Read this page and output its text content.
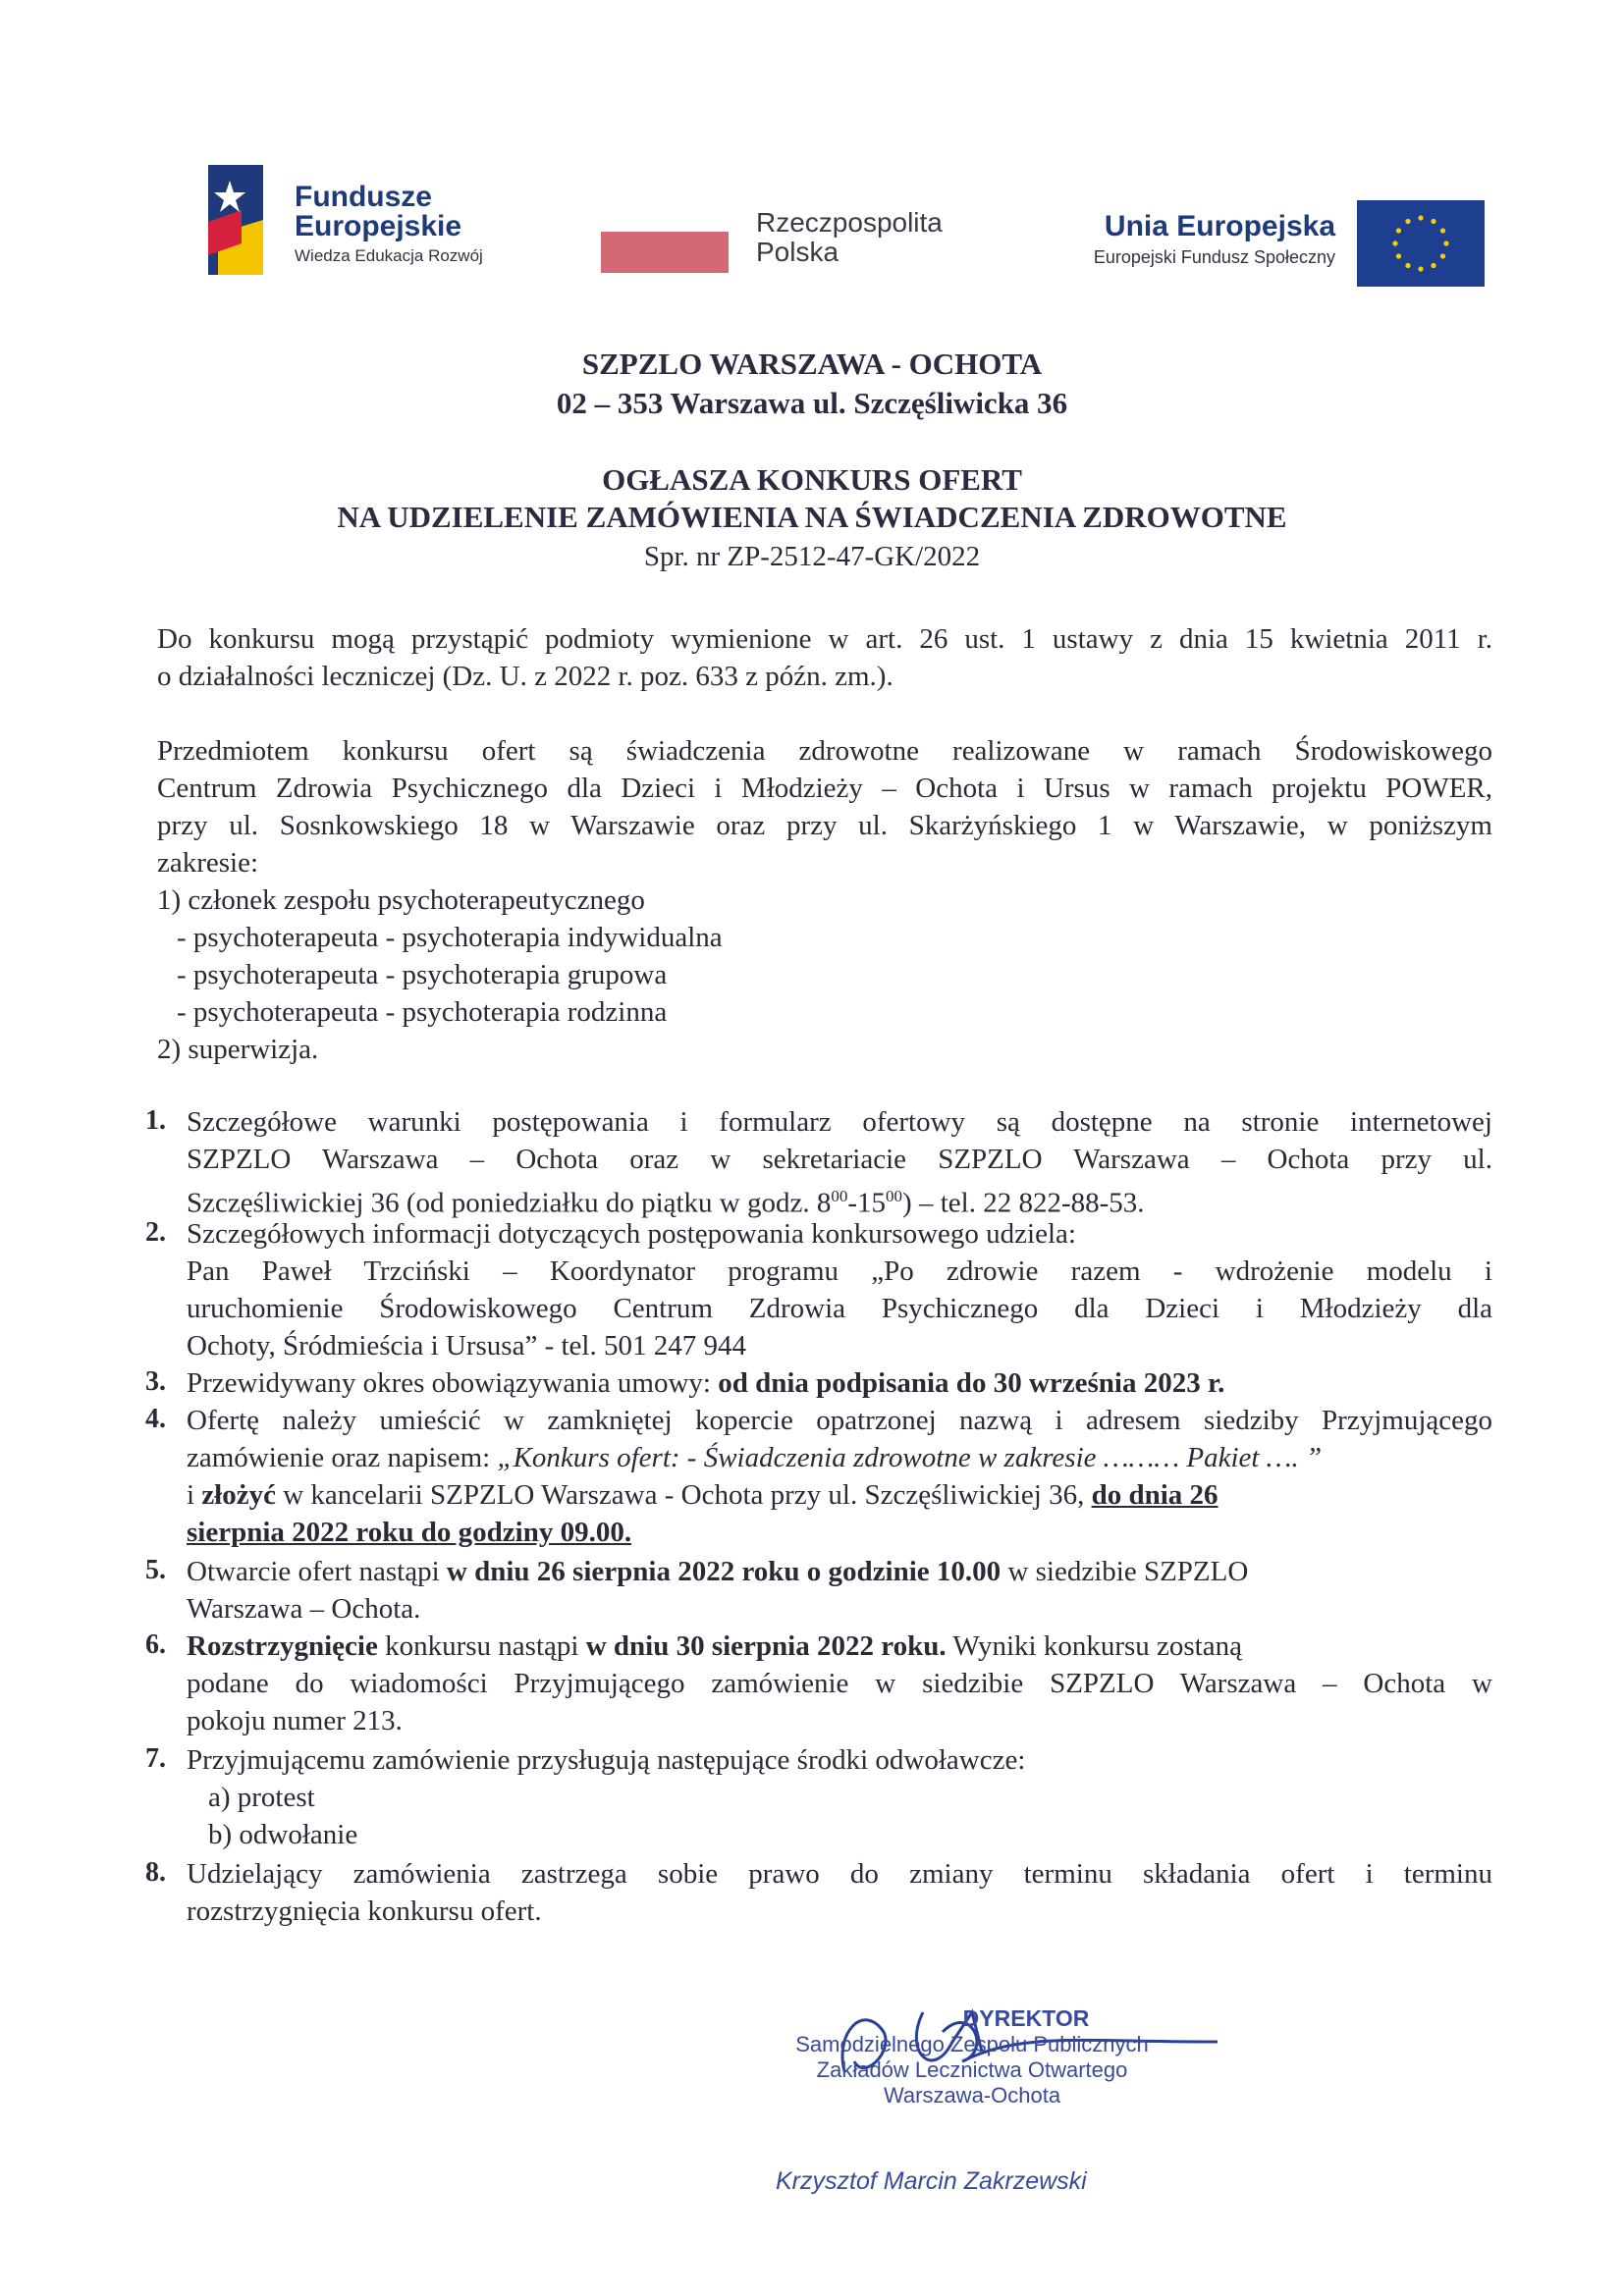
Fundusze
Europejskie
Wiedza Edukacja Rozwój
Rzeczpospolita
Polska
Unia Europejska
Europejski Fundusz Społeczny
SZPZLO WARSZAWA - OCHOTA
02 – 353 Warszawa ul. Szczęśliwicka 36
OGŁASZA KONKURS OFERT
NA UDZIELENIE ZAMÓWIENIA NA ŚWIADCZENIA ZDROWOTNE
Spr. nr ZP-2512-47-GK/2022
Do konkursu mogą przystąpić podmioty wymienione w art. 26 ust. 1 ustawy z dnia 15 kwietnia 2011 r.
o działalności leczniczej (Dz. U. z 2022 r. poz. 633 z późn. zm.).
Przedmiotem konkursu ofert są świadczenia zdrowotne realizowane w ramach Środowiskowego
Centrum Zdrowia Psychicznego dla Dzieci i Młodzieży – Ochota i Ursus w ramach projektu POWER,
przy ul. Sosnkowskiego 18 w Warszawie oraz przy ul. Skarżyńskiego 1 w Warszawie, w poniższym
zakresie:
1) członek zespołu psychoterapeutycznego
- psychoterapeuta - psychoterapia indywidualna
- psychoterapeuta - psychoterapia grupowa
- psychoterapeuta - psychoterapia rodzinna
2) superwizja.
1. Szczegółowe warunki postępowania i formularz ofertowy są dostępne na stronie internetowej
SZPZLO Warszawa – Ochota oraz w sekretariacie SZPZLO Warszawa – Ochota przy ul.
Szczęśliwickiej 36 (od poniedziałku do piątku w godz. $8^{00}-15^{00}$) – tel. 22 822-88-53.
2. Szczegółowych informacji dotyczących postępowania konkursowego udziela:
Pan Paweł Trzciński – Koordynator programu „Po zdrowie razem - wdrożenie modelu i
uruchomienie Środowiskowego Centrum Zdrowia Psychicznego dla Dzieci i Młodzieży dla
Ochoty, Śródmieścia i Ursusa” - tel. 501 247 944
3. Przewidywany okres obowiązywania umowy: od dnia podpisania do 30 września 2023 r.
4. Ofertę należy umieścić w zamkniętej kopercie opatrzonej nazwą i adresem siedziby Przyjmującego
zamówienie oraz napisem: „Konkurs ofert: - Świadczenia zdrowotne w zakresie ……… Pakiet …. ”
i złożyć w kancelarii SZPZLO Warszawa - Ochota przy ul. Szczęśliwickiej 36, do dnia 26
sierpnia 2022 roku do godziny 09.00.
5. Otwarcie ofert nastąpi w dniu 26 sierpnia 2022 roku o godzinie 10.00 w siedzibie SZPZLO
Warszawa – Ochota.
6. Rozstrzygnięcie konkursu nastąpi w dniu 30 sierpnia 2022 roku. Wyniki konkursu zostaną
podane do wiadomości Przyjmującego zamówienie w siedzibie SZPZLO Warszawa – Ochota w
pokoju numer 213.
7. Przyjmującemu zamówienie przysługują następujące środki odwoławcze:
a) protest
b) odwołanie
8. Udzielający zamówienia zastrzega sobie prawo do zmiany terminu składania ofert i terminu
rozstrzygnięcia konkursu ofert.
DYREKTOR
Samodzielnego Zespołu Publicznych
Zakładów Lecznictwa Otwartego
Warszawa-Ochota
Krzysztof Marcin Zakrzewski
